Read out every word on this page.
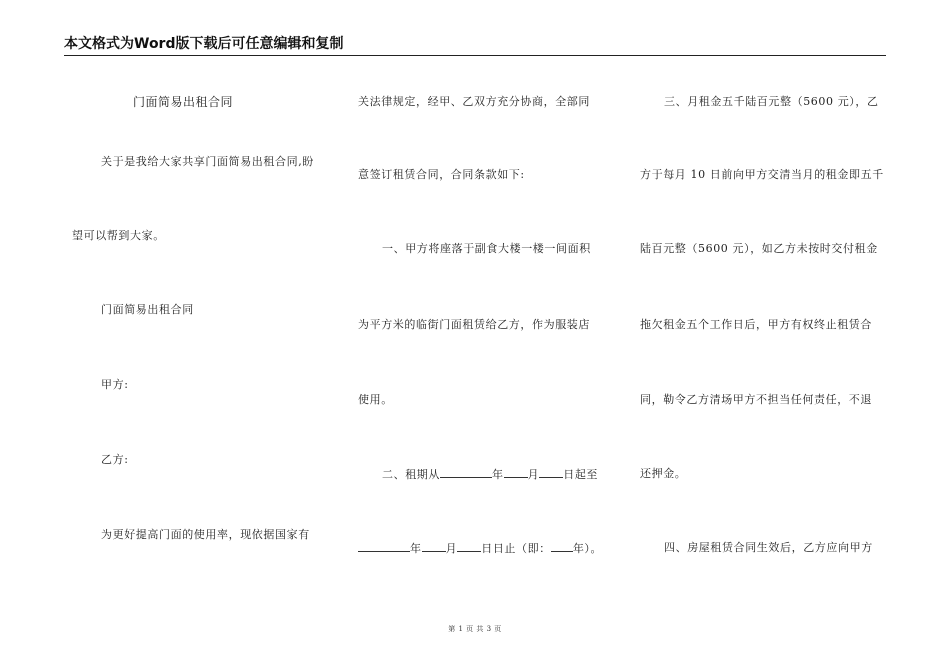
本文格式为Word版下载后可任意编辑和复制
门面简易出租合同
关于是我给大家共享门面简易出租合同,盼
望可以帮到大家。
门面简易出租合同
甲方:
乙方:
为更好提高门面的使用率，现依据国家有
关法律规定，经甲、乙双方充分协商，全部同
意签订租赁合同，合同条款如下:
一、甲方将座落于副食大楼一楼一间面积
为平方米的临街门面租赁给乙方，作为服装店
使用。
二、租期从	年 月 日起至
年 月 日日止（即： 年）。
三、月租金五千陆百元整（5600 元），乙
方于每月 10 日前向甲方交清当月的租金即五千
陆百元整（5600 元），如乙方未按时交付租金
拖欠租金五个工作日后，甲方有权终止租赁合
同，勒令乙方清场甲方不担当任何责任，不退
还押金。
四、房屋租赁合同生效后，乙方应向甲方
第 1 页 共 3 页
